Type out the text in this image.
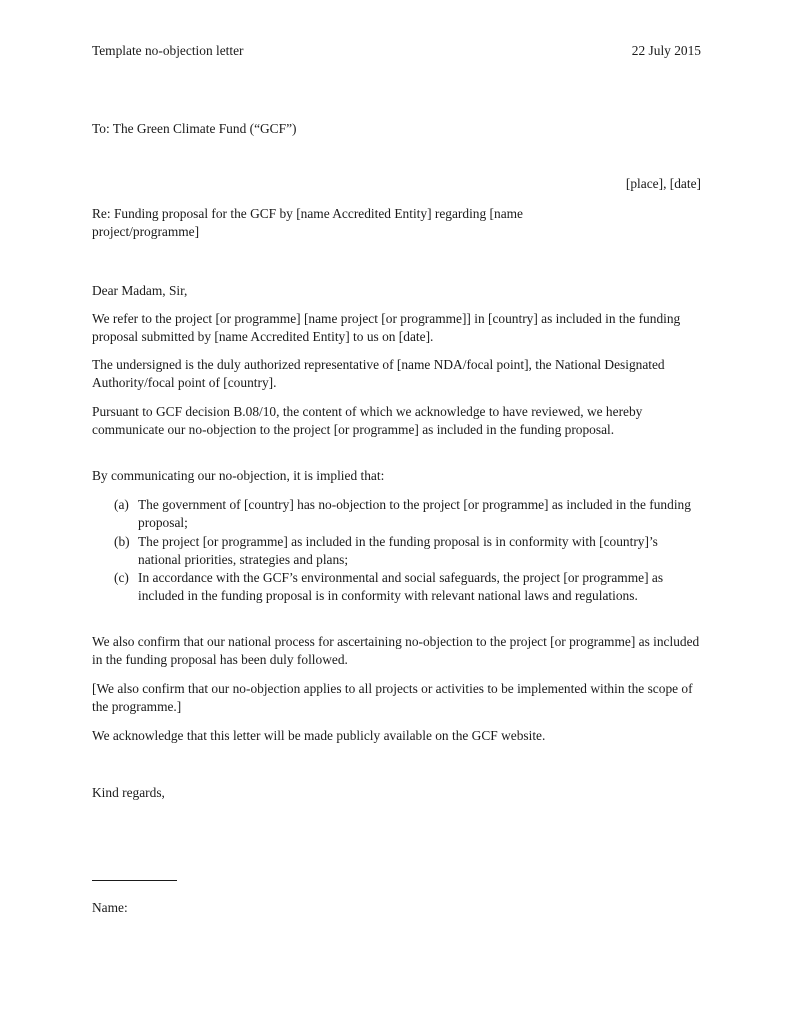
Template no-objection letter	22 July 2015
To: The Green Climate Fund (“GCF”)
[place], [date]

Re: Funding proposal for the GCF by [name Accredited Entity] regarding [name project/programme]

Dear Madam, Sir,

We refer to the project [or programme] [name project [or programme]] in [country] as included in the funding proposal submitted by [name Accredited Entity] to us on [date].

The undersigned is the duly authorized representative of [name NDA/focal point], the National Designated Authority/focal point of [country].

Pursuant to GCF decision B.08/10, the content of which we acknowledge to have reviewed, we hereby communicate our no-objection to the project [or programme] as included in the funding proposal.

By communicating our no-objection, it is implied that:

(a) The government of [country] has no-objection to the project [or programme] as included in the funding proposal;
(b) The project [or programme] as included in the funding proposal is in conformity with [country]’s national priorities, strategies and plans;
(c) In accordance with the GCF’s environmental and social safeguards, the project [or programme] as included in the funding proposal is in conformity with relevant national laws and regulations.

We also confirm that our national process for ascertaining no-objection to the project [or programme] as included in the funding proposal has been duly followed.

[We also confirm that our no-objection applies to all projects or activities to be implemented within the scope of the programme.]

We acknowledge that this letter will be made publicly available on the GCF website.

Kind regards,
Name:
